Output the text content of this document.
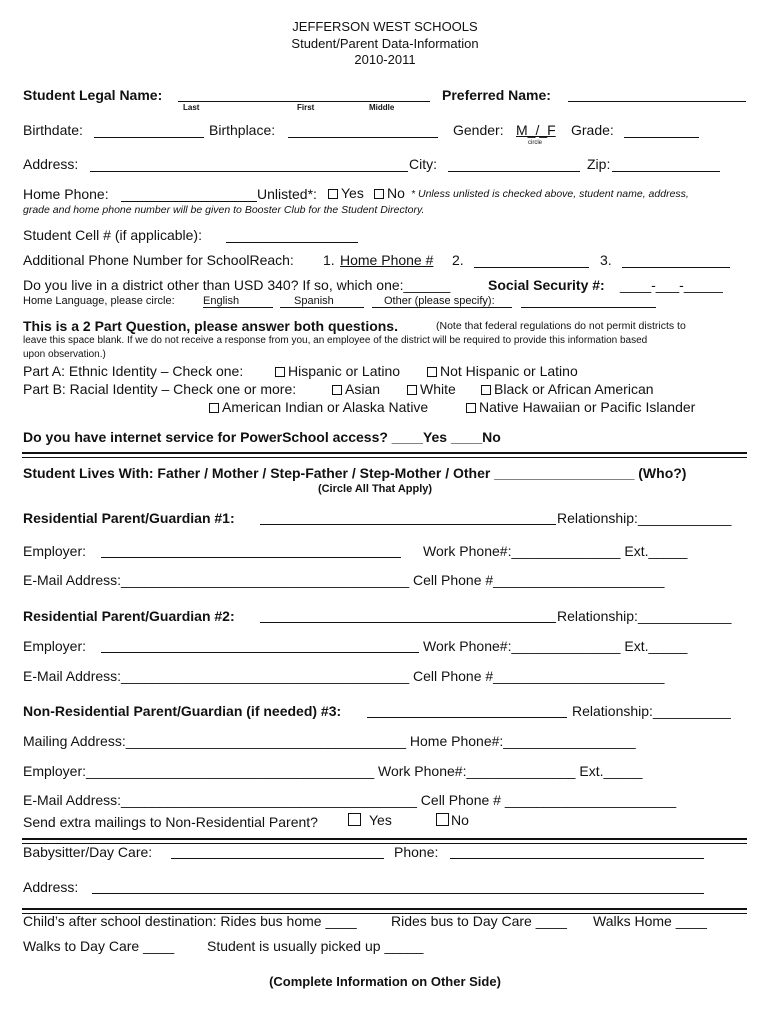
JEFFERSON WEST SCHOOLS
Student/Parent Data-Information
2010-2011
Student Legal Name:
Last	First	Middle
Preferred Name:
Birthdate:	Birthplace:	Gender: M_/_F
circle
Grade:
Address:	City:	Zip:
Home Phone:	Unlisted*:	Yes	No * Unless unlisted is checked above, student name, address,
grade and home phone number will be given to Booster Club for the Student Directory.
Student Cell # (if applicable):
Additional Phone Number for SchoolReach: 1. Home Phone # 2.	3.
Do you live in a district other than USD 340? If so, which one:______	Social Security #: ____-___-_____
Home Language, please circle:	English	Spanish	Other (please specify):
This is a 2 Part Question, please answer both questions.	(Note that federal regulations do not permit districts to
leave this space blank. If we do not receive a response from you, an employee of the district will be required to provide this information based
upon observation.)
Part A: Ethnic Identity – Check one:	Hispanic or Latino	Not Hispanic or Latino
Part B: Racial Identity – Check one or more:	Asian	White	Black or African American
American Indian or Alaska Native	Native Hawaiian or Pacific Islander
Do you have internet service for PowerSchool access? ____Yes ____No
Student Lives With: Father / Mother / Step-Father / Step-Mother / Other __________________ (Who?)
(Circle All That Apply)
Residential Parent/Guardian #1:	Relationship:____________
Employer:	Work Phone#:______________ Ext._____
E-Mail Address:_____________________________________ Cell Phone #______________________
Residential Parent/Guardian #2:	Relationship:____________
Employer:	Work Phone#:______________ Ext._____
E-Mail Address:_____________________________________ Cell Phone #______________________
Non-Residential Parent/Guardian (if needed) #3:	Relationship:__________
Mailing Address:____________________________________ Home Phone#:_________________
Employer:_____________________________________ Work Phone#:______________ Ext._____
E-Mail Address:______________________________________ Cell Phone # ______________________
Send extra mailings to Non-Residential Parent?	Yes	No
Babysitter/Day Care:	Phone:
Address:
Child’s after school destination: Rides bus home ____ Rides bus to Day Care ____ Walks Home ____
Walks to Day Care ____ Student is usually picked up _____
(Complete Information on Other Side)
